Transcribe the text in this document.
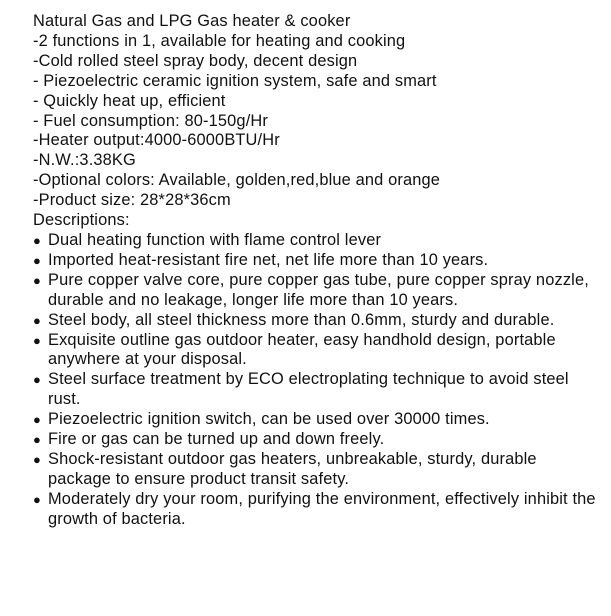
Natural Gas and LPG Gas heater & cooker
-2 functions in 1, available for heating and cooking
-Cold rolled steel spray body, decent design
- Piezoelectric ceramic ignition system, safe and smart
- Quickly heat up, efficient
- Fuel consumption: 80-150g/Hr
-Heater output:4000-6000BTU/Hr
-N.W.:3.38KG
-Optional colors: Available, golden,red,blue and orange
-Product size: 28*28*36cm
Descriptions:
● Dual heating function with flame control lever
● Imported heat-resistant fire net, net life more than 10 years.
● Pure copper valve core, pure copper gas tube, pure copper spray nozzle, durable and no leakage, longer life more than 10 years.
● Steel body, all steel thickness more than 0.6mm, sturdy and durable.
● Exquisite outline gas outdoor heater, easy handhold design, portable anywhere at your disposal.
● Steel surface treatment by ECO electroplating technique to avoid steel rust.
● Piezoelectric ignition switch, can be used over 30000 times.
● Fire or gas can be turned up and down freely.
● Shock-resistant outdoor gas heaters, unbreakable, sturdy, durable package to ensure product transit safety.
● Moderately dry your room, purifying the environment, effectively inhibit the growth of bacteria.
